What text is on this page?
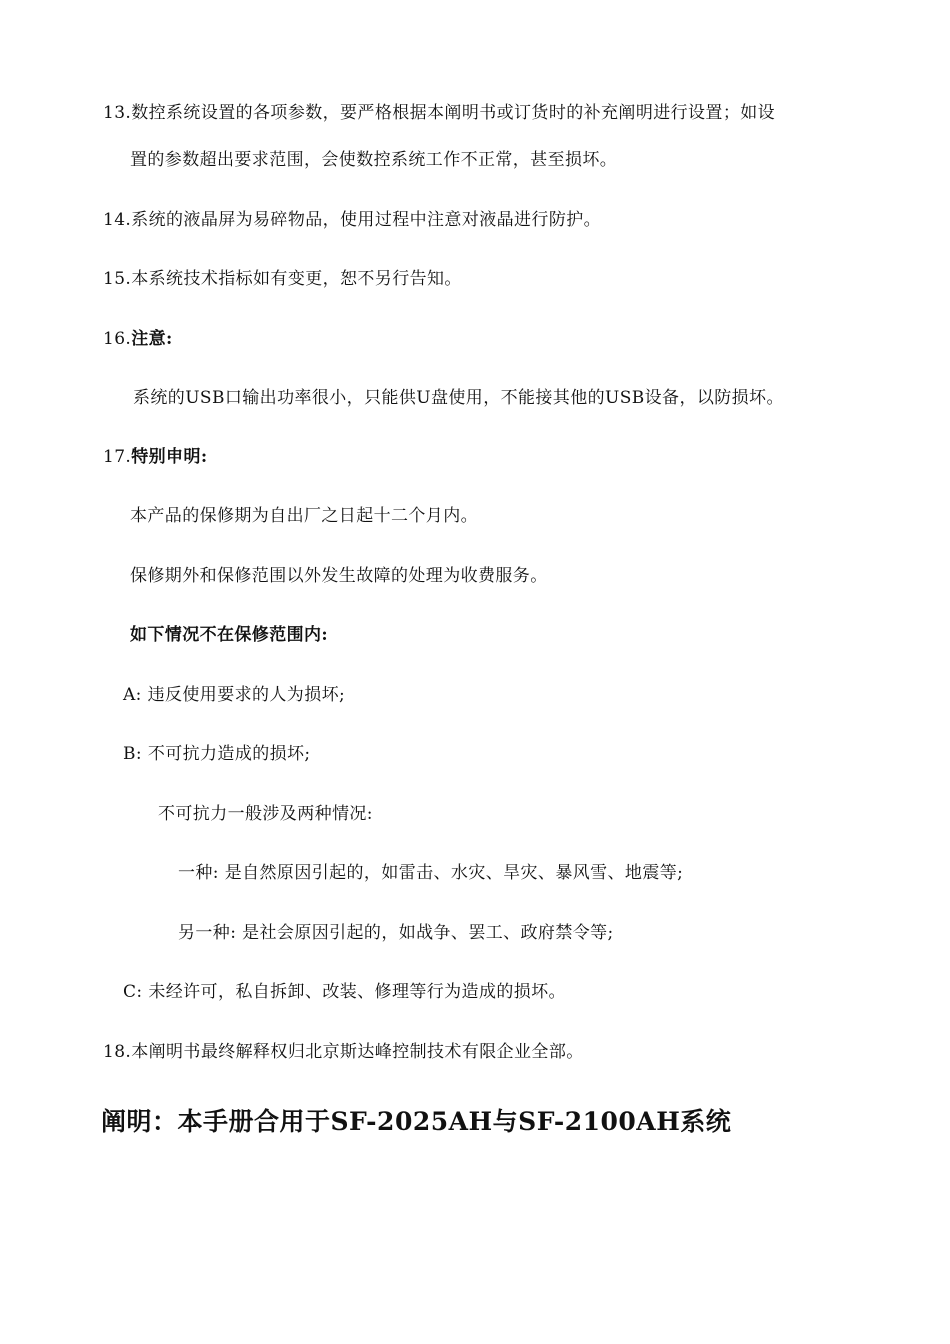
13.数控系统设置的各项参数，要严格根据本阐明书或订货时的补充阐明进行设置；如设
置的参数超出要求范围，会使数控系统工作不正常，甚至损坏。
14.系统的液晶屏为易碎物品，使用过程中注意对液晶进行防护。
15.本系统技术指标如有变更，恕不另行告知。
16.注意:
系统的USB口输出功率很小，只能供U盘使用，不能接其他的USB设备，以防损坏。
17.特别申明:
本产品的保修期为自出厂之日起十二个月内。
保修期外和保修范围以外发生故障的处理为收费服务。
如下情况不在保修范围内:
A: 违反使用要求的人为损坏;
B: 不可抗力造成的损坏;
不可抗力一般涉及两种情况:
一种: 是自然原因引起的，如雷击、水灾、旱灾、暴风雪、地震等;
另一种: 是社会原因引起的，如战争、罢工、政府禁令等;
C: 未经许可，私自拆卸、改装、修理等行为造成的损坏。
18.本阐明书最终解释权归北京斯达峰控制技术有限企业全部。
阐明：本手册合用于SF-2025AH与SF-2100AH系统
